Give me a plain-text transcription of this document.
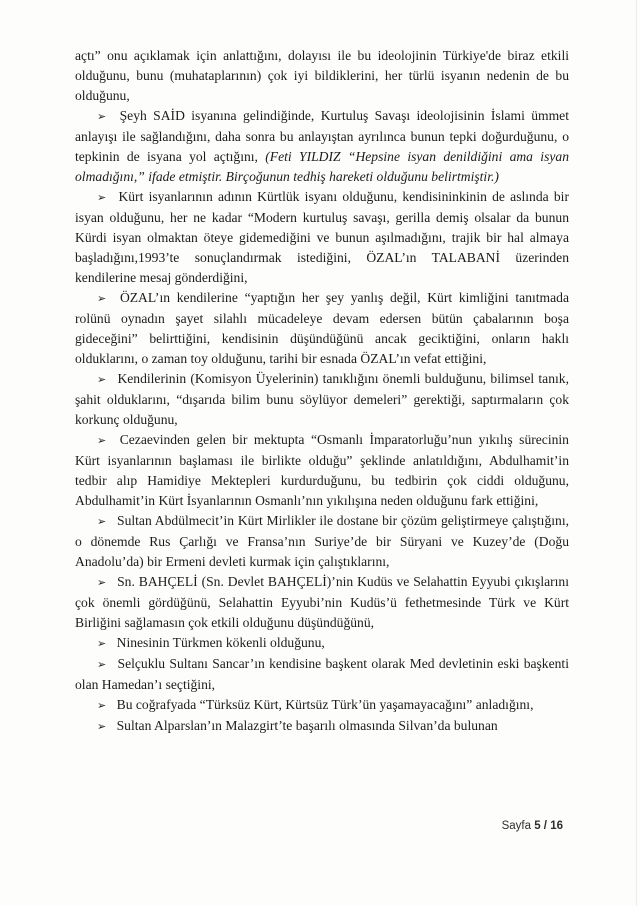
açtı” onu açıklamak için anlattığını, dolayısı ile bu ideolojinin Türkiye'de biraz etkili olduğunu, bunu (muhataplarının) çok iyi bildiklerini, her türlü isyanın nedenin de bu olduğunu,

➢ Şeyh SAİD isyanına gelindiğinde, Kurtuluş Savaşı ideolojisinin İslami ümmet anlayışı ile sağlandığını, daha sonra bu anlayıştan ayrılınca bunun tepki doğurduğunu, o tepkinin de isyana yol açtığını, (Feti YILDIZ “Hepsine isyan denildiğini ama isyan olmadığını,” ifade etmiştir. Birçoğunun tedhiş hareketi olduğunu belirtmiştir.)

➢ Kürt isyanlarının adının Kürtlük isyanı olduğunu, kendisininkinin de aslında bir isyan olduğunu, her ne kadar “Modern kurtuluş savaşı, gerilla demiş olsalar da bunun Kürdi isyan olmaktan öteye gidemediğini ve bunun aşılmadığını, trajik bir hal almaya başladığını,1993’te sonuçlandırmak istediğini, ÖZAL’ın TALABANİ üzerinden kendilerine mesaj gönderdiğini,

➢ ÖZAL’ın kendilerine “yaptığın her şey yanlış değil, Kürt kimliğini tanıtmada rolünü oynadın şayet silahlı mücadeleye devam edersen bütün çabalarının boşa gideceğini” belirttiğini, kendisinin düşündüğünü ancak geciktiğini, onların haklı olduklarını, o zaman toy olduğunu, tarihi bir esnada ÖZAL’ın vefat ettiğini,

➢ Kendilerinin (Komisyon Üyelerinin) tanıklığını önemli bulduğunu, bilimsel tanık, şahit olduklarını, “dışarıda bilim bunu söylüyor demeleri” gerektiği, saptırmaların çok korkunç olduğunu,

➢ Cezaevinden gelen bir mektupta “Osmanlı İmparatorluğu’nun yıkılış sürecinin Kürt isyanlarının başlaması ile birlikte olduğu” şeklinde anlatıldığını, Abdulhamit’in tedbir alıp Hamidiye Mektepleri kurdurduğunu, bu tedbirin çok ciddi olduğunu, Abdulhamit’in Kürt İsyanlarının Osmanlı’nın yıkılışına neden olduğunu fark ettiğini,

➢ Sultan Abdülmecit’in Kürt Mirlikler ile dostane bir çözüm geliştirmeye çalıştığını, o dönemde Rus Çarlığı ve Fransa’nın Suriye’de bir Süryani ve Kuzey’de (Doğu Anadolu’da) bir Ermeni devleti kurmak için çalıştıklarını,

➢ Sn. BAHÇELİ (Sn. Devlet BAHÇELİ)’nin Kudüs ve Selahattin Eyyubi çıkışlarını çok önemli gördüğünü, Selahattin Eyyubi’nin Kudüs’ü fethetmesinde Türk ve Kürt Birliğini sağlamasın çok etkili olduğunu düşündüğünü,

➢ Ninesinin Türkmen kökenli olduğunu,

➢ Selçuklu Sultanı Sancar’ın kendisine başkent olarak Med devletinin eski başkenti olan Hamedan’ı seçtiğini,

➢ Bu coğrafyada “Türksüz Kürt, Kürtsüz Türk’ün yaşamayacağını” anladığını,

➢ Sultan Alparslan’ın Malazgirt’te başarılı olmasında Silvan’da bulunan

Sayfa 5 / 16
